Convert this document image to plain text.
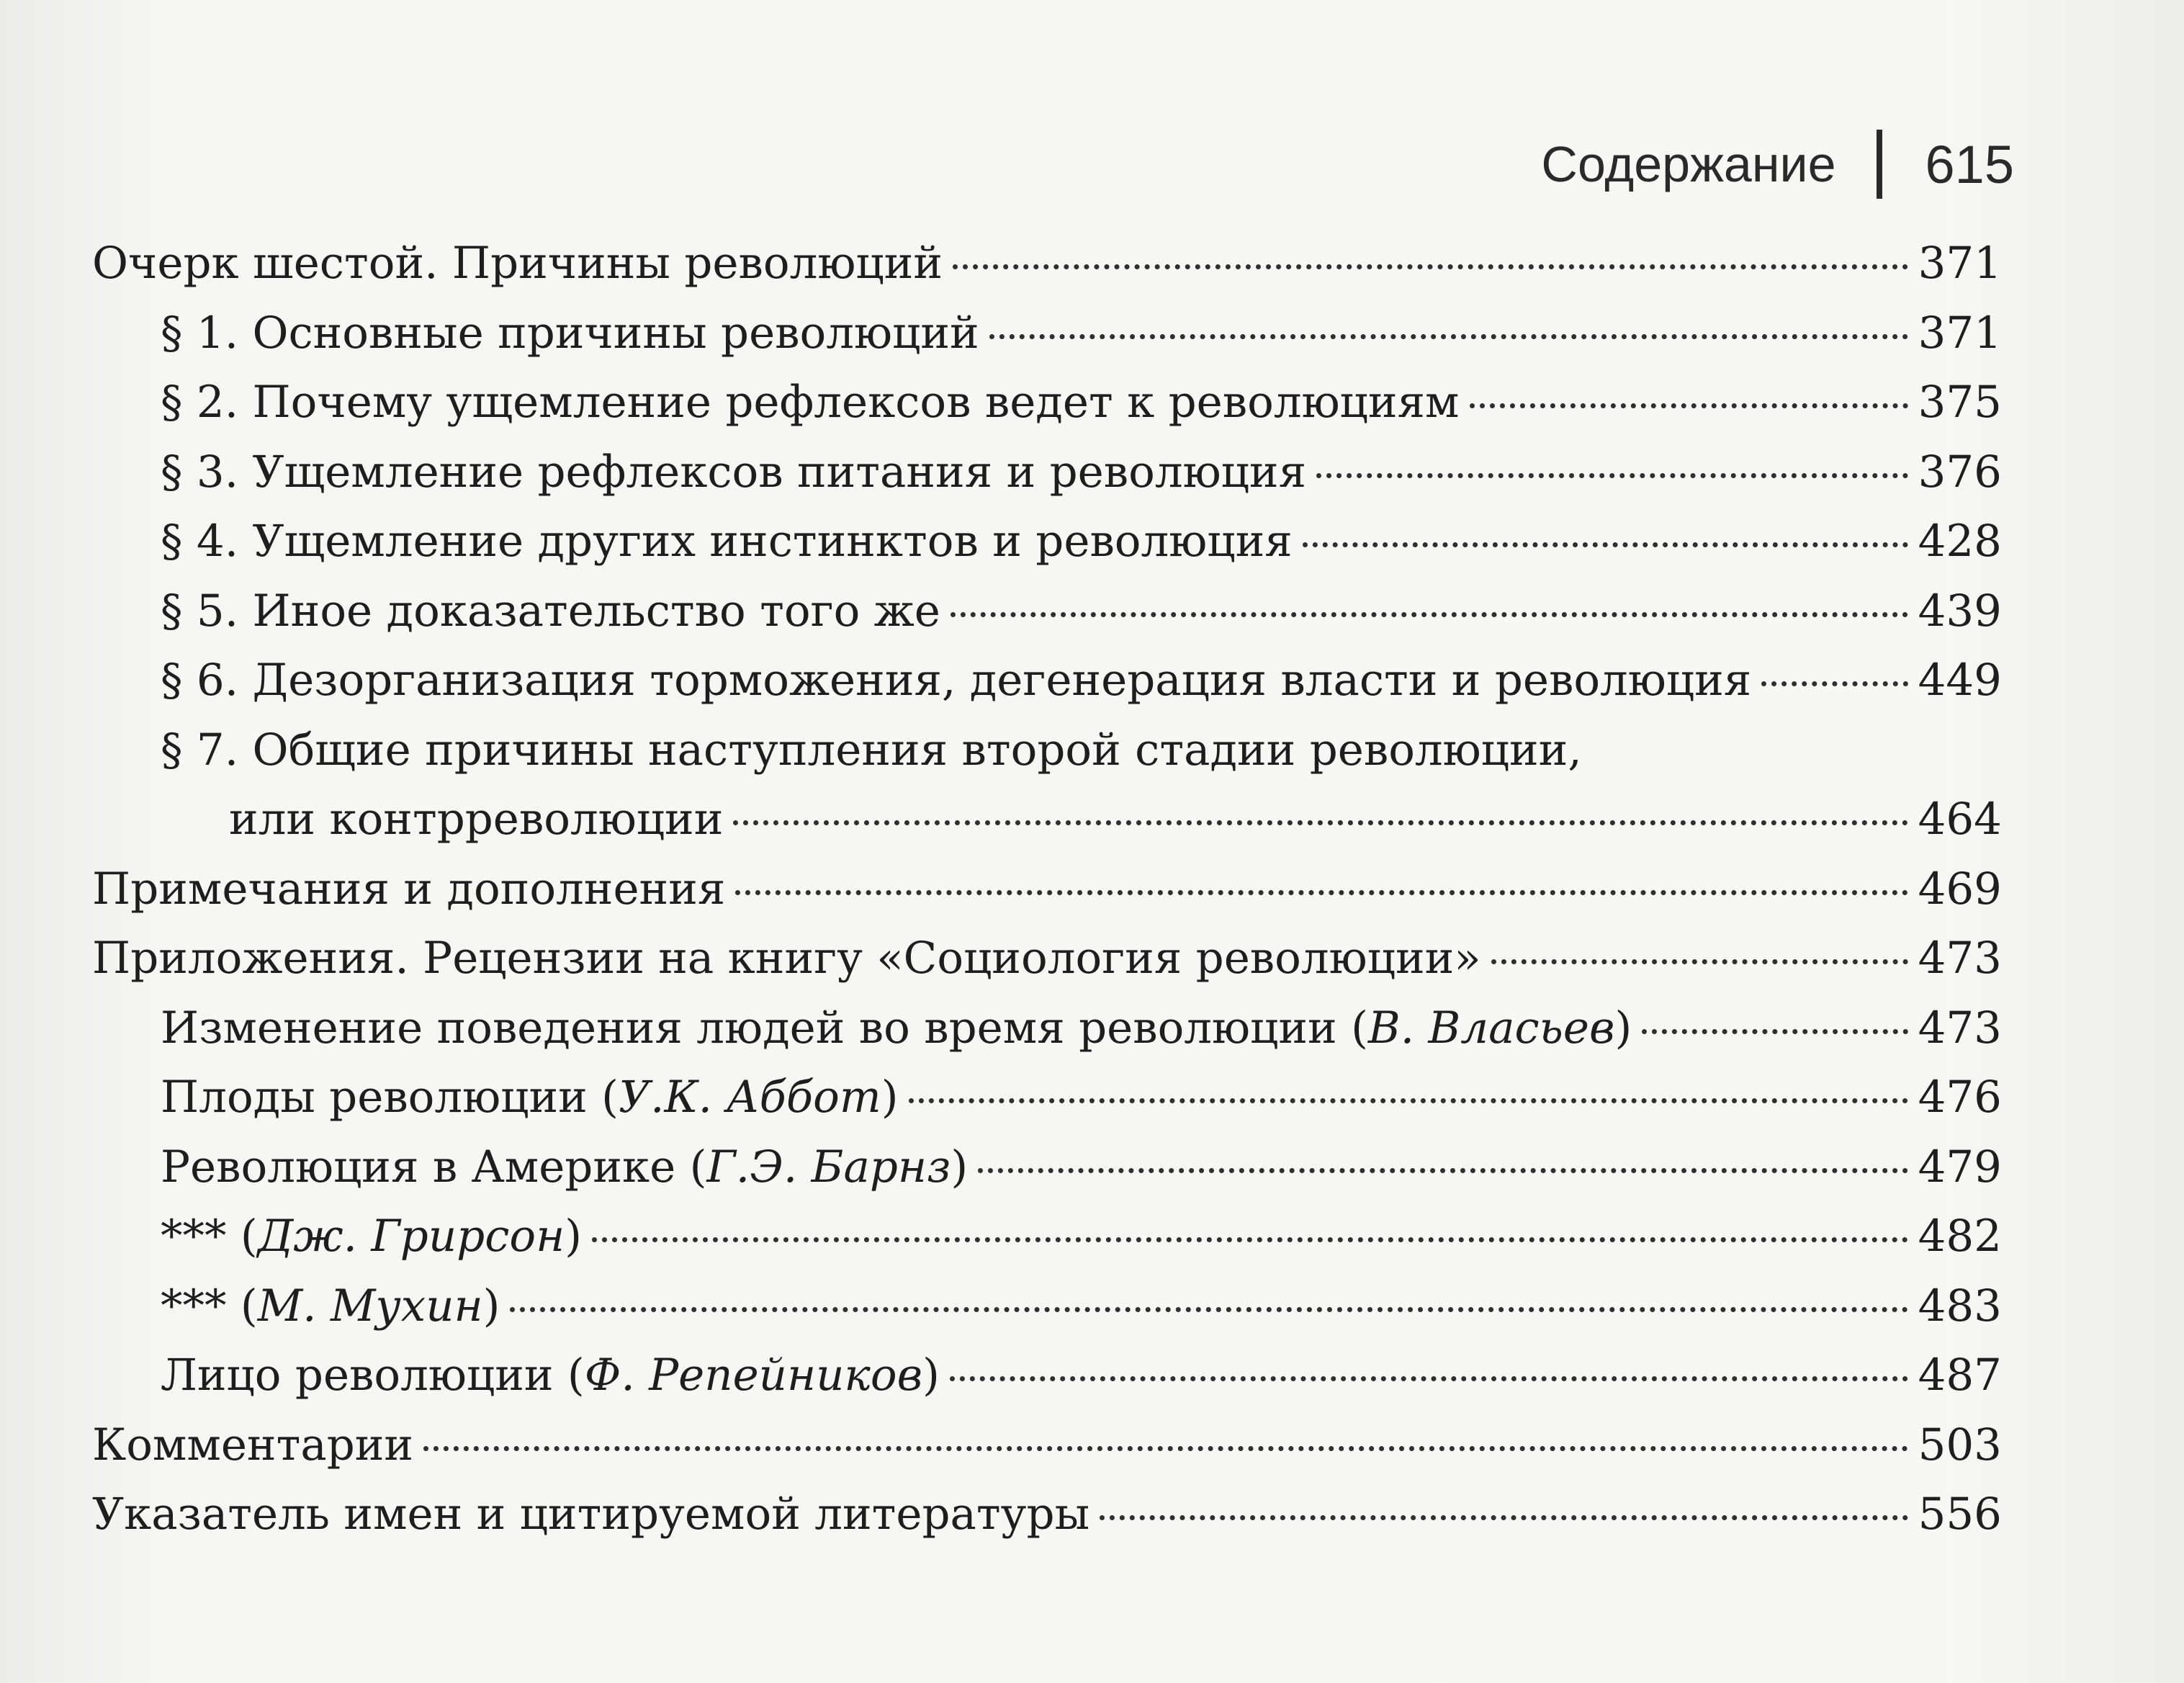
Содержание 615
Очерк шестой. Причины революций	371
§ 1. Основные причины революций	371
§ 2. Почему ущемление рефлексов ведет к революциям	375
§ 3. Ущемление рефлексов питания и революция	376
§ 4. Ущемление других инстинктов и революция	428
§ 5. Иное доказательство того же	439
§ 6. Дезорганизация торможения, дегенерация власти и революция	449
§ 7. Общие причины наступления второй стадии революции,
или контрреволюции	464
Примечания и дополнения	469
Приложения. Рецензии на книгу «Социология революции»	473
Изменение поведения людей во время революции (В. Власьев)	473
Плоды революции (У.К. Аббот)	476
Революция в Америке (Г.Э. Барнз)	479
*** (Дж. Грирсон)	482
*** (М. Мухин)	483
Лицо революции (Ф. Репейников)	487
Комментарии	503
Указатель имен и цитируемой литературы	556
